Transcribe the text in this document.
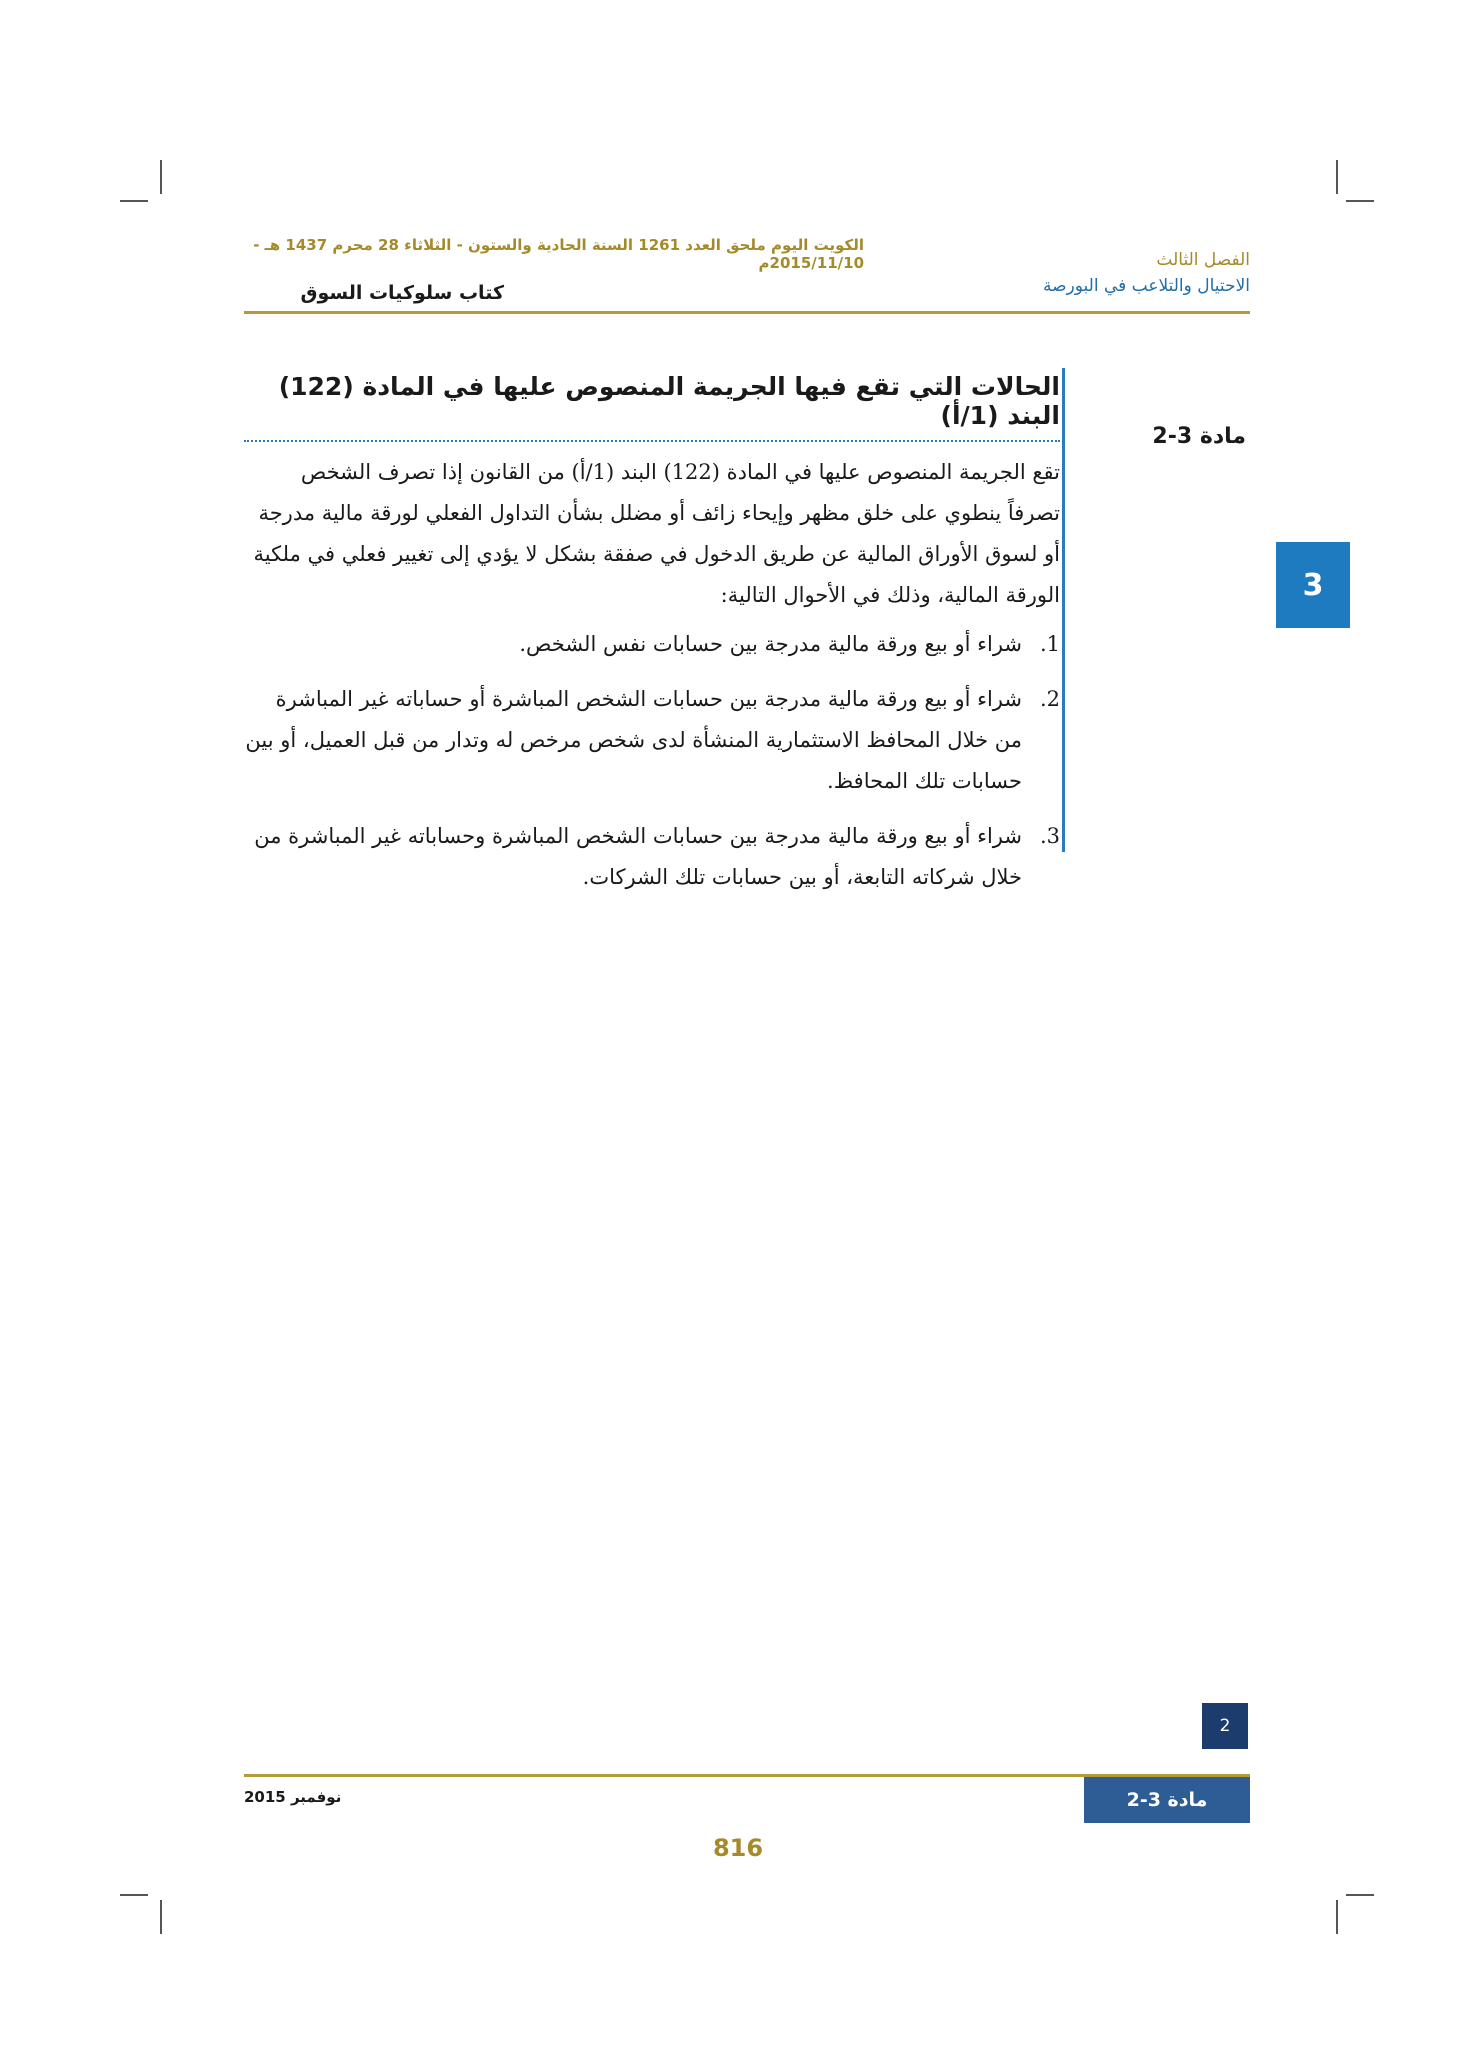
الكويت اليوم ملحق العدد 1261 السنة الحادية والستون - الثلاثاء 28 محرم 1437 هـ - 2015/11/10م	الفصل الثالث
الاحتيال والتلاعب في البورصة
كتاب سلوكيات السوق
3
مادة 3-2
الحالات التي تقع فيها الجريمة المنصوص عليها في المادة (122) البند (1/أ)

تقع الجريمة المنصوص عليها في المادة (122) البند (1/أ) من القانون إذا تصرف الشخص تصرفاً ينطوي على خلق مظهر وإيحاء زائف أو مضلل بشأن التداول الفعلي لورقة مالية مدرجة أو لسوق الأوراق المالية عن طريق الدخول في صفقة بشكل لا يؤدي إلى تغيير فعلي في ملكية الورقة المالية، وذلك في الأحوال التالية:

1.
شراء أو بيع ورقة مالية مدرجة بين حسابات نفس الشخص.
2.
شراء أو بيع ورقة مالية مدرجة بين حسابات الشخص المباشرة أو حساباته غير المباشرة من خلال المحافظ الاستثمارية المنشأة لدى شخص مرخص له وتدار من قبل العميل، أو بين حسابات تلك المحافظ.
3.
شراء أو بيع ورقة مالية مدرجة بين حسابات الشخص المباشرة وحساباته غير المباشرة من خلال شركاته التابعة، أو بين حسابات تلك الشركات.
2
مادة 3-2
نوفمبر 2015
816
